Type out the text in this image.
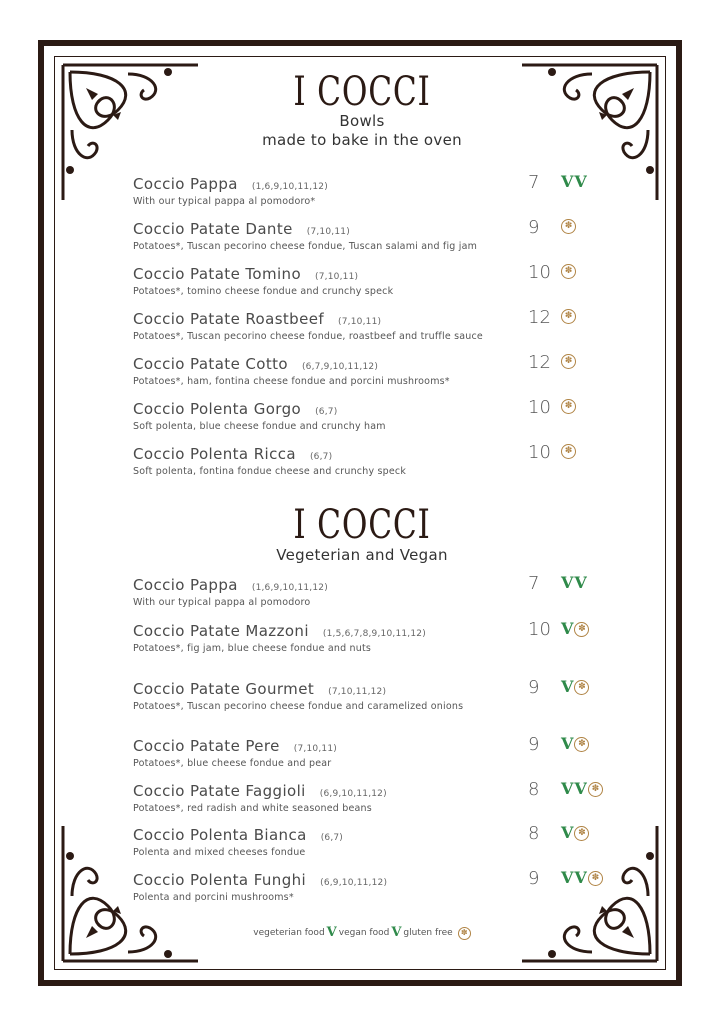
I COCCI
Bowls
made to bake in the oven
Coccio Pappa (1,6,9,10,11,12)
With our typical pappa al pomodoro*
7 V V
Coccio Patate Dante (7,10,11)
Potatoes*, Tuscan pecorino cheese fondue, Tuscan salami and fig jam
9	✽
Coccio Patate Tomino (7,10,11)
Potatoes*, tomino cheese fondue and crunchy speck
10	✽
Coccio Patate Roastbeef (7,10,11)
Potatoes*, Tuscan pecorino cheese fondue, roastbeef and truffle sauce
12	✽
Coccio Patate Cotto (6,7,9,10,11,12)
Potatoes*, ham, fontina cheese fondue and porcini mushrooms*
12	✽
Coccio Polenta Gorgo (6,7)
Soft polenta, blue cheese fondue and crunchy ham
10	✽
Coccio Polenta Ricca (6,7)
Soft polenta, fontina fondue cheese and crunchy speck
10	✽
I COCCI
Vegeterian and Vegan
Coccio Pappa (1,6,9,10,11,12)
With our typical pappa al pomodoro
7 V V
Coccio Patate Mazzoni (1,5,6,7,8,9,10,11,12)
Potatoes*, fig jam, blue cheese fondue and nuts
10 V ✽
Coccio Patate Gourmet (7,10,11,12)
Potatoes*, Tuscan pecorino cheese fondue and caramelized onions
9 V ✽
Coccio Patate Pere (7,10,11)
Potatoes*, blue cheese fondue and pear
9 V ✽
Coccio Patate Faggioli (6,9,10,11,12)
Potatoes*, red radish and white seasoned beans
8 V V ✽
Coccio Polenta Bianca (6,7)
Polenta and mixed cheeses fondue
8 V ✽
Coccio Polenta Funghi (6,9,10,11,12)
Polenta and porcini mushrooms*
9 V V ✽
vegeterian food V vegan food V gluten free	✽
